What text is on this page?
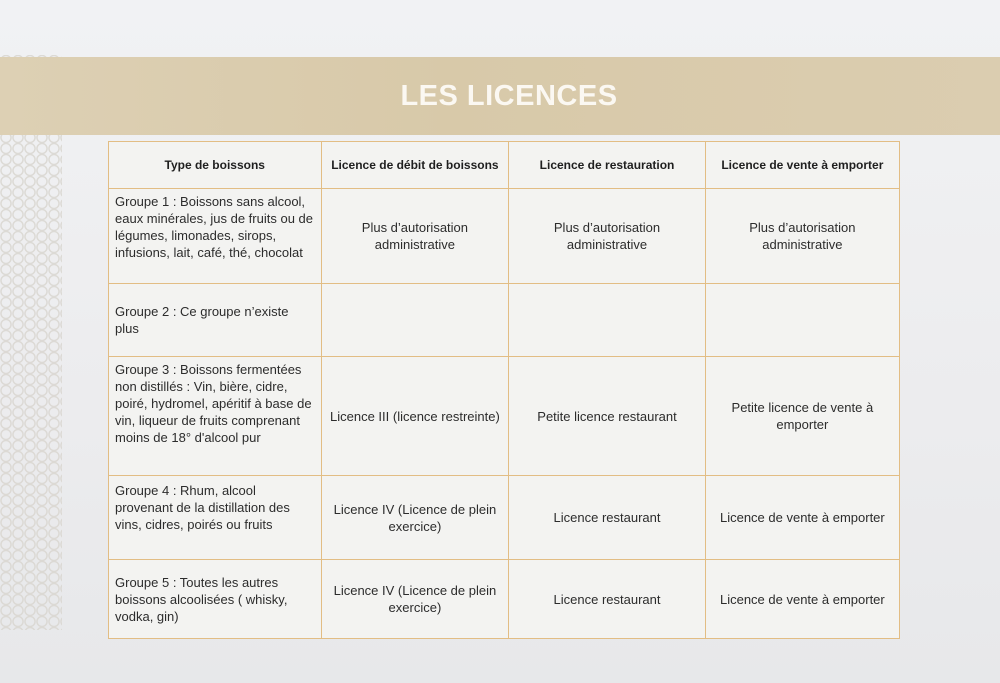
LES LICENCES
Type de boissons	Licence de débit de boissons	Licence de restauration	Licence de vente à emporter
Groupe 1 : Boissons sans alcool, eaux minérales, jus de fruits ou de légumes, limonades, sirops, infusions, lait, café, thé, chocolat	Plus d’autorisation administrative	Plus d’autorisation administrative	Plus d’autorisation administrative
Groupe 2 : Ce groupe n’existe plus			
Groupe 3 : Boissons fermentées non distillés : Vin, bière, cidre, poiré, hydromel, apéritif à base de vin, liqueur de fruits comprenant moins de 18° d'alcool pur	Licence III (licence restreinte)	Petite licence restaurant	Petite licence de vente à emporter
Groupe 4 : Rhum, alcool provenant de la distillation des vins, cidres, poirés ou fruits	Licence IV (Licence de plein exercice)	Licence restaurant	Licence de vente à emporter
Groupe 5 : Toutes les autres boissons alcoolisées ( whisky, vodka, gin)	Licence IV (Licence de plein exercice)	Licence restaurant	Licence de vente à emporter
